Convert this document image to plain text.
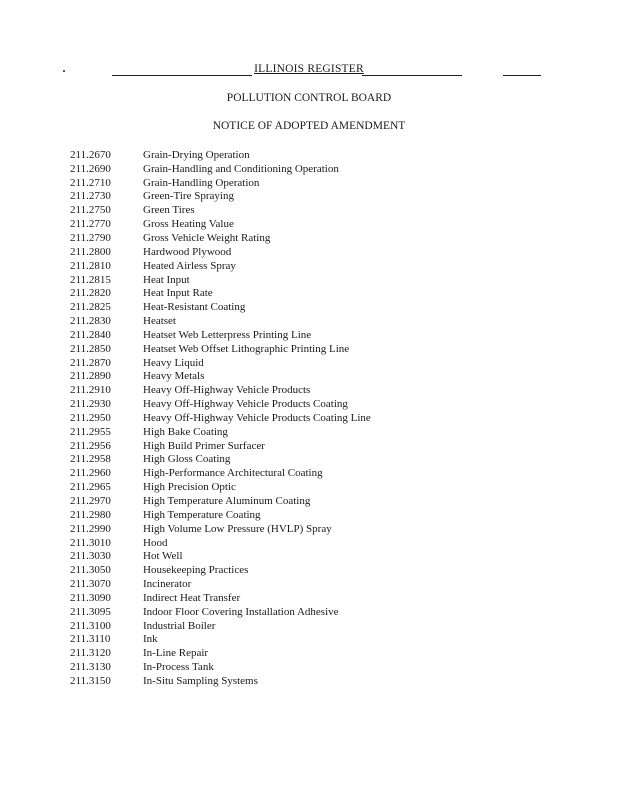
ILLINOIS REGISTER
POLLUTION CONTROL BOARD
NOTICE OF ADOPTED AMENDMENT
211.2670	Grain-Drying Operation
211.2690	Grain-Handling and Conditioning Operation
211.2710	Grain-Handling Operation
211.2730	Green-Tire Spraying
211.2750	Green Tires
211.2770	Gross Heating Value
211.2790	Gross Vehicle Weight Rating
211.2800	Hardwood Plywood
211.2810	Heated Airless Spray
211.2815	Heat Input
211.2820	Heat Input Rate
211.2825	Heat-Resistant Coating
211.2830	Heatset
211.2840	Heatset Web Letterpress Printing Line
211.2850	Heatset Web Offset Lithographic Printing Line
211.2870	Heavy Liquid
211.2890	Heavy Metals
211.2910	Heavy Off-Highway Vehicle Products
211.2930	Heavy Off-Highway Vehicle Products Coating
211.2950	Heavy Off-Highway Vehicle Products Coating Line
211.2955	High Bake Coating
211.2956	High Build Primer Surfacer
211.2958	High Gloss Coating
211.2960	High-Performance Architectural Coating
211.2965	High Precision Optic
211.2970	High Temperature Aluminum Coating
211.2980	High Temperature Coating
211.2990	High Volume Low Pressure (HVLP) Spray
211.3010	Hood
211.3030	Hot Well
211.3050	Housekeeping Practices
211.3070	Incinerator
211.3090	Indirect Heat Transfer
211.3095	Indoor Floor Covering Installation Adhesive
211.3100	Industrial Boiler
211.3110	Ink
211.3120	In-Line Repair
211.3130	In-Process Tank
211.3150	In-Situ Sampling Systems
